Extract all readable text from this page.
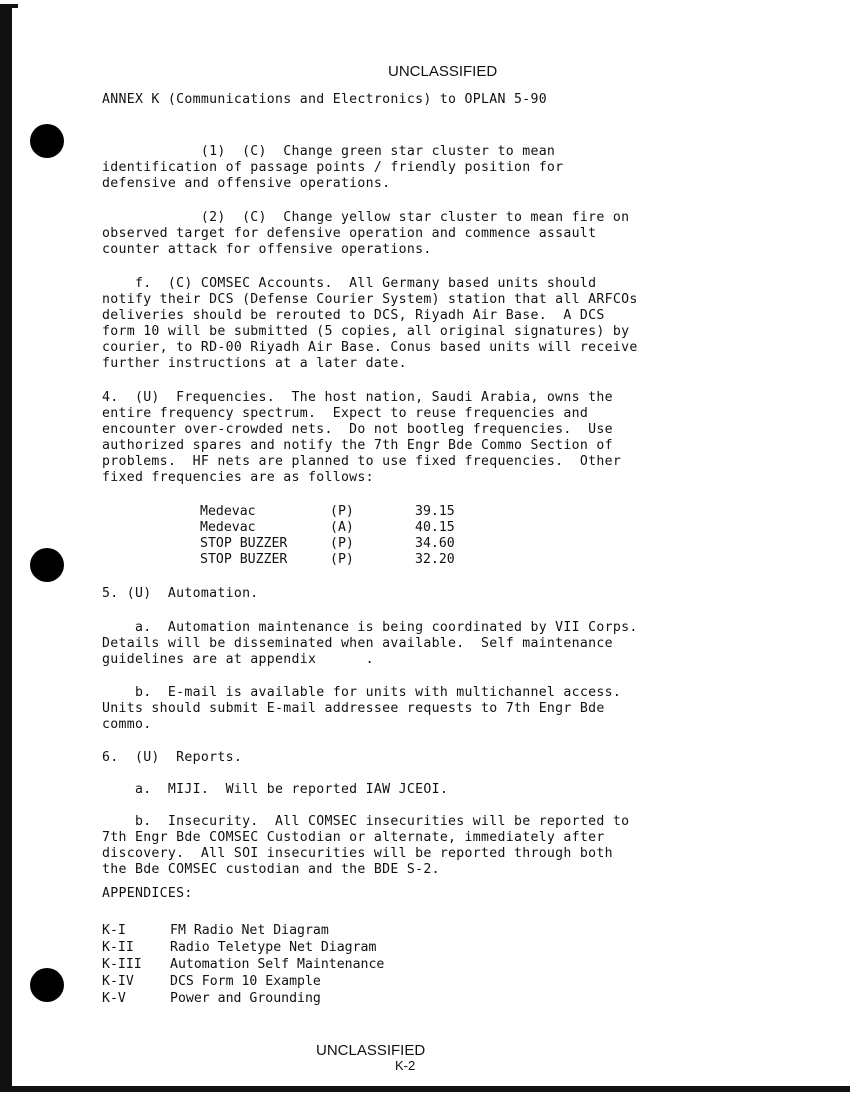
UNCLASSIFIED
ANNEX K (Communications and Electronics) to OPLAN 5-90
(1)  (C)  Change green star cluster to mean
identification of passage points / friendly position for
defensive and offensive operations.
(2)  (C)  Change yellow star cluster to mean fire on
observed target for defensive operation and commence assault
counter attack for offensive operations.
f.  (C) COMSEC Accounts.  All Germany based units should
notify their DCS (Defense Courier System) station that all ARFCOs
deliveries should be rerouted to DCS, Riyadh Air Base.  A DCS
form 10 will be submitted (5 copies, all original signatures) by
courier, to RD-00 Riyadh Air Base. Conus based units will receive
further instructions at a later date.
4.  (U)  Frequencies.  The host nation, Saudi Arabia, owns the
entire frequency spectrum.  Expect to reuse frequencies and
encounter over-crowded nets.  Do not bootleg frequencies.  Use
authorized spares and notify the 7th Engr Bde Commo Section of
problems.  HF nets are planned to use fixed frequencies.  Other
fixed frequencies are as follows:
Medevac	(P)	39.15
Medevac	(A)	40.15
STOP BUZZER	(P)	34.60
STOP BUZZER	(P)	32.20
5. (U)  Automation.
a.  Automation maintenance is being coordinated by VII Corps.
Details will be disseminated when available.  Self maintenance
guidelines are at appendix      .
b.  E-mail is available for units with multichannel access.
Units should submit E-mail addressee requests to 7th Engr Bde
commo.
6.  (U)  Reports.
a.  MIJI.  Will be reported IAW JCEOI.
b.  Insecurity.  All COMSEC insecurities will be reported to
7th Engr Bde COMSEC Custodian or alternate, immediately after
discovery.  All SOI insecurities will be reported through both
the Bde COMSEC custodian and the BDE S-2.
APPENDICES:
K-I	FM Radio Net Diagram
K-II	Radio Teletype Net Diagram
K-III	Automation Self Maintenance
K-IV	DCS Form 10 Example
K-V	Power and Grounding
UNCLASSIFIED
K-2
